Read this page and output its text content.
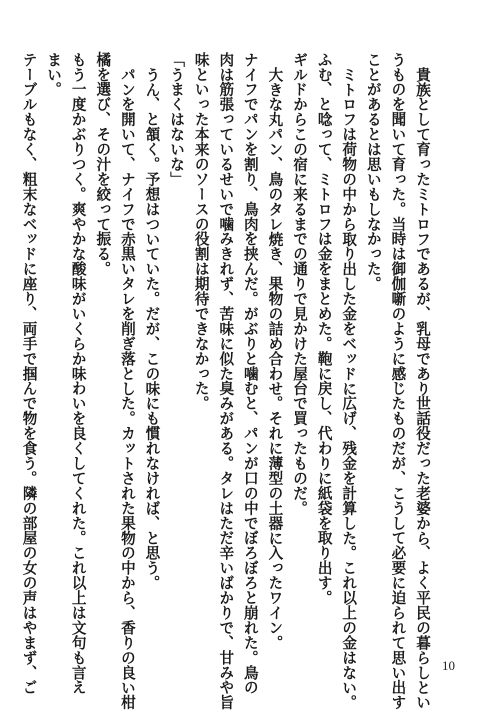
貴族として育ったミトロフであるが、乳母であり世話役だった老婆から、よく平民の暮らしとい
うものを聞いて育った。当時は御伽噺のように感じたものだが、こうして必要に迫られて思い出す
ことがあるとは思いもしなかった。
ミトロフは荷物の中から取り出した金をベッドに広げ、残金を計算した。これ以上の金はない。
ふむ、と唸って、ミトロフは金をまとめた。鞄に戻し、代わりに紙袋を取り出す。
ギルドからこの宿に来るまでの通りで見かけた屋台で買ったものだ。
大きな丸パン、鳥のタレ焼き、果物の詰め合わせ。それに薄型の土器に入ったワイン。
ナイフでパンを割り、鳥肉を挟んだ。がぶりと噛むと、パンが口の中でぼろぼろと崩れた。鳥の
肉は筋張っているせいで噛みきれず、苦味に似た臭みがある。タレはただ辛いばかりで、甘みや旨
味といった本来のソースの役割は期待できなかった。
「うまくはないな」
うん、と頷く。予想はついていた。だが、この味にも慣れなければ、と思う。
パンを開いて、ナイフで赤黒いタレを削ぎ落とした。カットされた果物の中から、香りの良い柑
橘を選び、その汁を絞って振る。
もう一度かぶりつく。爽やかな酸味がいくらか味わいを良くしてくれた。これ以上は文句も言え
まい。
テーブルもなく、粗末なベッドに座り、両手で掴んで物を食う。隣の部屋の女の声はやまず、ご	10
